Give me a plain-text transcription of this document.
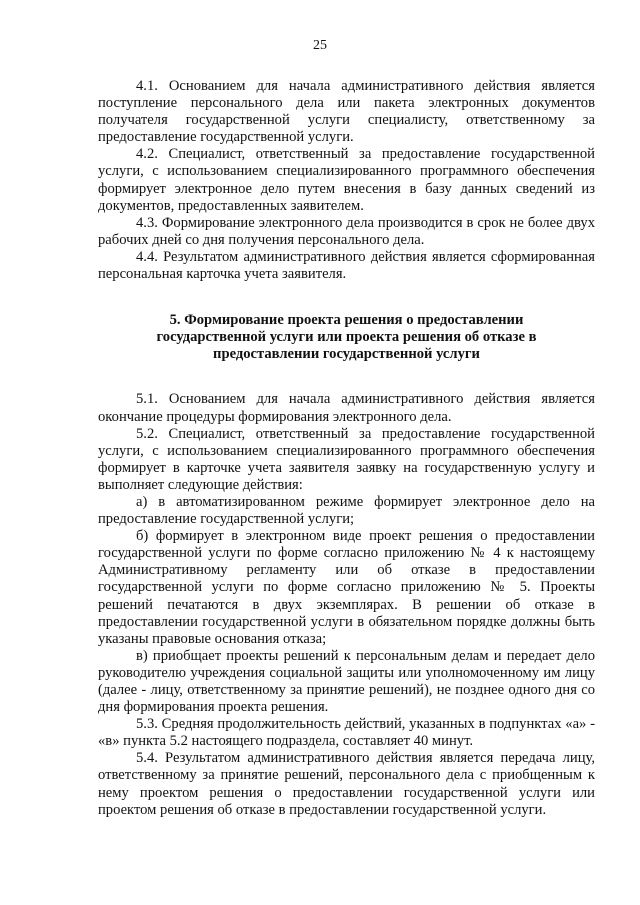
25

4.1. Основанием для начала административного действия является поступление персонального дела или пакета электронных документов получателя государственной услуги специалисту, ответственному за предоставление государственной услуги.

4.2. Специалист, ответственный за предоставление государственной услуги, с использованием специализированного программного обеспечения формирует электронное дело путем внесения в базу данных сведений из документов, предоставленных заявителем.

4.3. Формирование электронного дела производится в срок не более двух рабочих дней со дня получения персонального дела.

4.4. Результатом административного действия является сформированная персональная карточка учета заявителя.

5. Формирование проекта решения о предоставлении
государственной услуги или проекта решения об отказе в
предоставлении государственной услуги

5.1. Основанием для начала административного действия является окончание процедуры формирования электронного дела.

5.2. Специалист, ответственный за предоставление государственной услуги, с использованием специализированного программного обеспечения формирует в карточке учета заявителя заявку на государственную услугу и выполняет следующие действия:

а) в автоматизированном режиме формирует электронное дело на предоставление государственной услуги;

б) формирует в электронном виде проект решения о предоставлении государственной услуги по форме согласно приложению № 4 к настоящему Административному регламенту или об отказе в предоставлении государственной услуги по форме согласно приложению № 5. Проекты решений печатаются в двух экземплярах. В решении об отказе в предоставлении государственной услуги в обязательном порядке должны быть указаны правовые основания отказа;

в) приобщает проекты решений к персональным делам и передает дело руководителю учреждения социальной защиты или уполномоченному им лицу (далее - лицу, ответственному за принятие решений), не позднее одного дня со дня формирования проекта решения.

5.3. Средняя продолжительность действий, указанных в подпунктах «а» - «в» пункта 5.2 настоящего подраздела, составляет 40 минут.

5.4. Результатом административного действия является передача лицу, ответственному за принятие решений, персонального дела с приобщенным к нему проектом решения о предоставлении государственной услуги или проектом решения об отказе в предоставлении государственной услуги.
